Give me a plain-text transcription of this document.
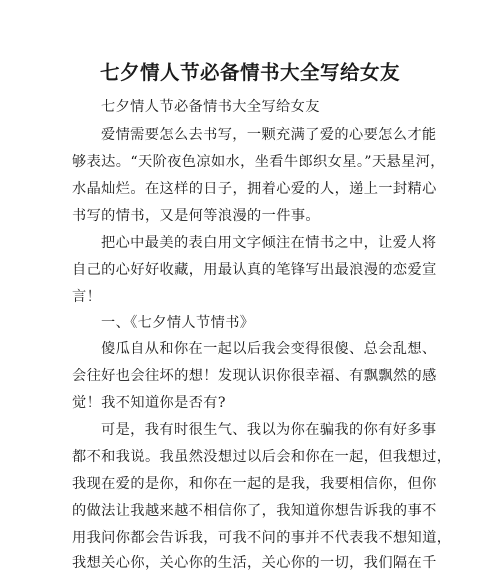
七夕情人节必备情书大全写给女友
七夕情人节必备情书大全写给女友
爱情需要怎么去书写，一颗充满了爱的心要怎么才能
够表达。“天阶夜色凉如水，坐看牛郎织女星。”天悬星河，
水晶灿烂。在这样的日子，拥着心爱的人，递上一封精心
书写的情书，又是何等浪漫的一件事。
把心中最美的表白用文字倾注在情书之中，让爱人将
自己的心好好收藏，用最认真的笔锋写出最浪漫的恋爱宣
言！
一、《七夕情人节情书》
傻瓜自从和你在一起以后我会变得很傻、总会乱想、
会往好也会往坏的想！发现认识你很幸福、有飘飘然的感
觉！我不知道你是否有?
可是，我有时很生气、我以为你在骗我的你有好多事
都不和我说。我虽然没想过以后会和你在一起，但我想过，
我现在爱的是你，和你在一起的是我，我要相信你，但你
的做法让我越来越不相信你了，我知道你想告诉我的事不
用我问你都会告诉我，可我不问的事并不代表我不想知道，
我想关心你，关心你的生活，关心你的一切，我们隔在千
